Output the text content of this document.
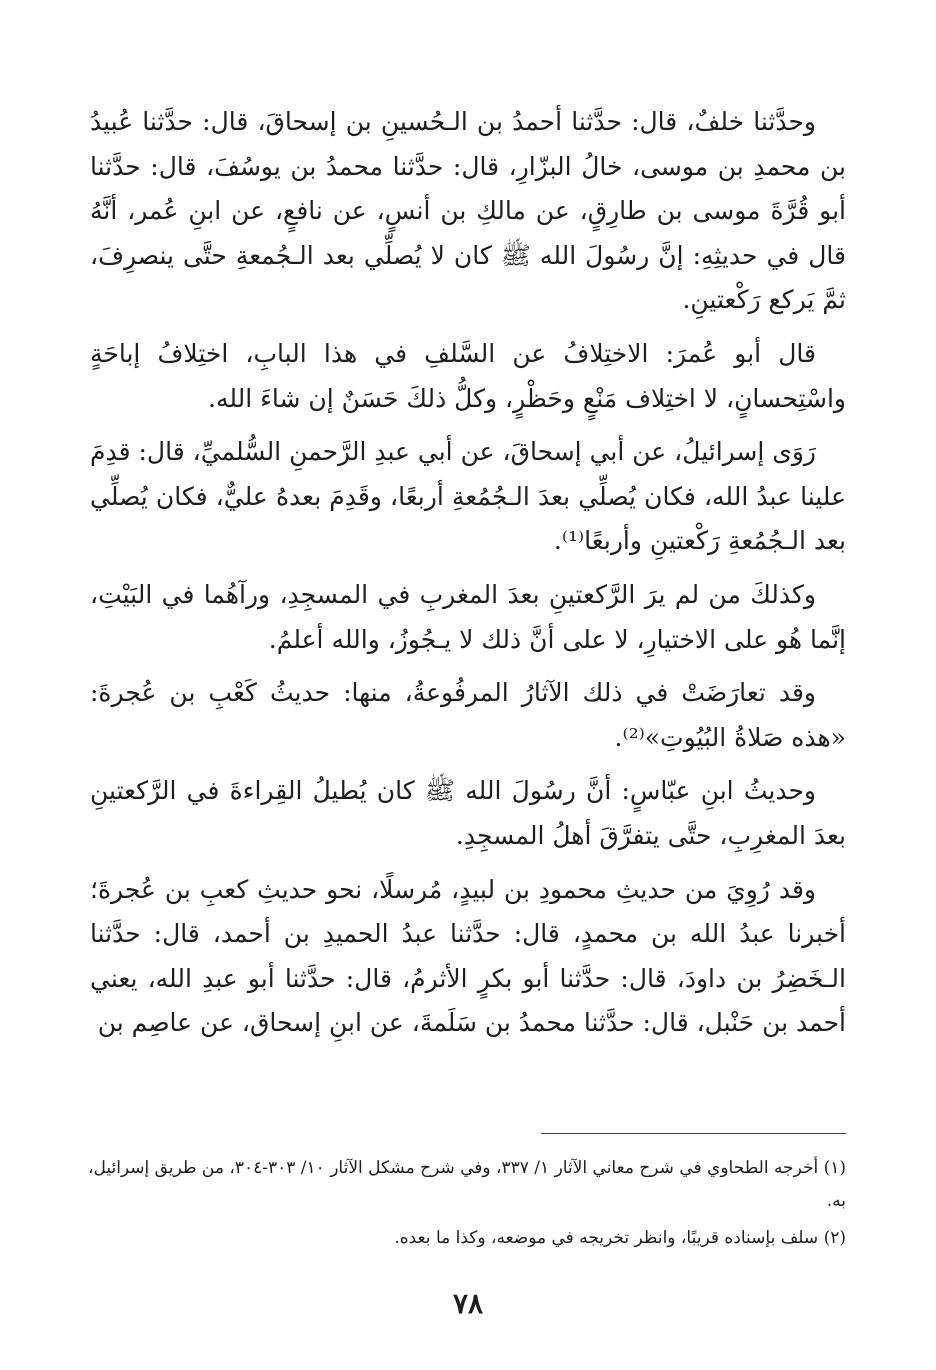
وحدَّثنا خلفٌ، قال: حدَّثنا أحمدُ بن الـحُسينِ بن إسحاقَ، قال: حدَّثنا عُبيدُ بن محمدِ بن موسى، خالُ البزّارِ، قال: حدَّثنا محمدُ بن يوسُفَ، قال: حدَّثنا أبو قُرَّةَ موسى بن طارِقٍ، عن مالكِ بن أنسٍ، عن نافعٍ، عن ابنِ عُمر، أنَّهُ قال في حديثِهِ: إنَّ رسُولَ الله ﷺ كان لا يُصلِّي بعد الـجُمعةِ حتَّى ينصرِفَ، ثمَّ يَركع رَكْعتينِ.

قال أبو عُمرَ: الاختِلافُ عن السَّلفِ في هذا البابِ، اختِلافُ إباحَةٍ واسْتِحسانٍ، لا اختِلاف مَنْعٍ وحَظْرٍ، وكلُّ ذلكَ حَسَنٌ إن شاءَ الله.

رَوَى إسرائيلُ، عن أبي إسحاقَ، عن أبي عبدِ الرَّحمنِ السُّلميِّ، قال: قدِمَ علينا عبدُ الله، فكان يُصلِّي بعدَ الـجُمُعةِ أربعًا، وقَدِمَ بعدهُ عليٌّ، فكان يُصلِّي بعد الـجُمُعةِ رَكْعتينِ وأربعًا⁽¹⁾.

وكذلكَ من لم يرَ الرَّكعتينِ بعدَ المغربِ في المسجِدِ، ورآهُما في البَيْتِ، إنَّما هُو على الاختيارِ، لا على أنَّ ذلك لا يـجُوزُ، والله أعلمُ.

وقد تعارَضَتْ في ذلك الآثارُ المرفُوعةُ، منها: حديثُ كَعْبِ بن عُجرةَ: «هذه صَلاةُ البُيُوتِ»⁽²⁾.

وحديثُ ابنِ عبّاسٍ: أنَّ رسُولَ الله ﷺ كان يُطيلُ القِراءةَ في الرَّكعتينِ بعدَ المغرِبِ، حتَّى يتفرَّقَ أهلُ المسجِدِ.

وقد رُوِيَ من حديثِ محمودِ بن لبيدٍ، مُرسلًا، نحو حديثِ كعبِ بن عُجرةَ؛ أخبرنا عبدُ الله بن محمدٍ، قال: حدَّثنا عبدُ الحميدِ بن أحمد، قال: حدَّثنا الـخَضِرُ بن داودَ، قال: حدَّثنا أبو بكرٍ الأثرمُ، قال: حدَّثنا أبو عبدِ الله، يعني أحمد بن حَنْبل، قال: حدَّثنا محمدُ بن سَلَمةَ، عن ابنِ إسحاق، عن عاصِم بن

(١) أخرجه الطحاوي في شرح معاني الآثار ١/ ٣٣٧، وفي شرح مشكل الآثار ١٠/ ٣٠٣-٣٠٤، من طريق إسرائيل، به.

(٢) سلف بإسناده قريبًا، وانظر تخريجه في موضعه، وكذا ما بعده.

٧٨
